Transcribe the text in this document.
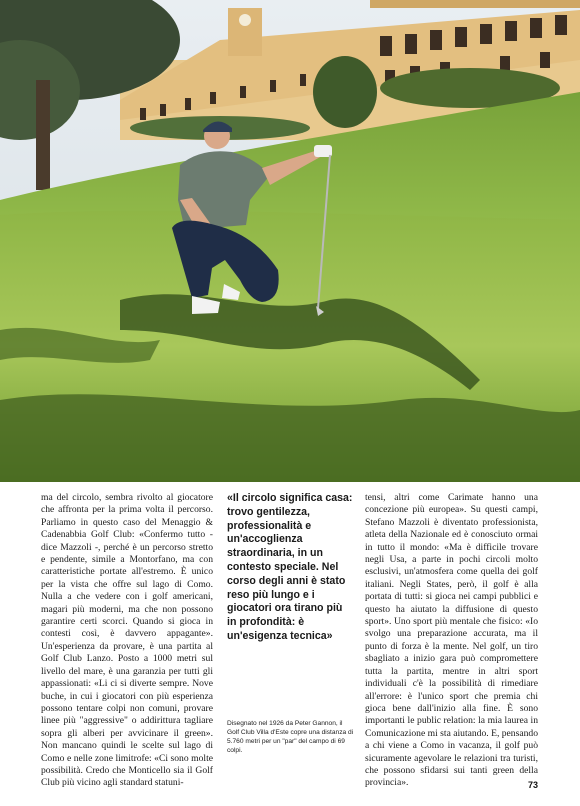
ma del circolo, sembra rivolto al giocatore che affronta per la prima volta il percorso. Parliamo in questo caso del Menaggio & Cadenabbia Golf Club: «Confermo tutto - dice Mazzoli -, perché è un percorso stretto e pendente, simile a Montorfano, ma con caratteristiche portate all'estremo. È unico per la vista che offre sul lago di Como. Nulla a che vedere con i golf americani, magari più moderni, ma che non possono garantire certi scorci. Quando si gioca in contesti così, è davvero appagante». Un'esperienza da provare, è una partita al Golf Club Lanzo. Posto a 1000 metri sul livello del mare, è una garanzia per tutti gli appassionati: «Li ci si diverte sempre. Nove buche, in cui i giocatori con più esperienza possono tentare colpi non comuni, provare linee più "aggressive" o addirittura tagliare sopra gli alberi per avvicinare il green». Non mancano quindi le scelte sul lago di Como e nelle zone limitrofe: «Ci sono molte possibilità. Credo che Monticello sia il Golf Club più vicino agli standard statuni-

«Il circolo significa casa: trovo gentilezza, professionalità e un'accoglienza straordinaria, in un contesto speciale. Nel corso degli anni è stato reso più lungo e i giocatori ora tirano più in profondità: è un'esigenza tecnica»
Disegnato nel 1926 da Peter Gannon, il Golf Club Villa d'Este copre una distanza di 5.760 metri per un "par" del campo di 69 colpi.

tensi, altri come Carimate hanno una concezione più europea». Su questi campi, Stefano Mazzoli è diventato professionista, atleta della Nazionale ed è conosciuto ormai in tutto il mondo: «Ma è difficile trovare negli Usa, a parte in pochi circoli molto esclusivi, un'atmosfera come quella dei golf italiani. Negli States, però, il golf è alla portata di tutti: si gioca nei campi pubblici e questo ha aiutato la diffusione di questo sport». Uno sport più mentale che fisico: «Io svolgo una preparazione accurata, ma il punto di forza è la mente. Nel golf, un tiro sbagliato a inizio gara può compromettere tutta la partita, mentre in altri sport individuali c'è la possibilità di rimediare all'errore: è l'unico sport che premia chi gioca bene dall'inizio alla fine. È sono importanti le public relation: la mia laurea in Comunicazione mi sta aiutando. E, pensando a chi viene a Como in vacanza, il golf può sicuramente agevolare le relazioni tra turisti, che possono sfidarsi sui tanti green della provincia».	73
